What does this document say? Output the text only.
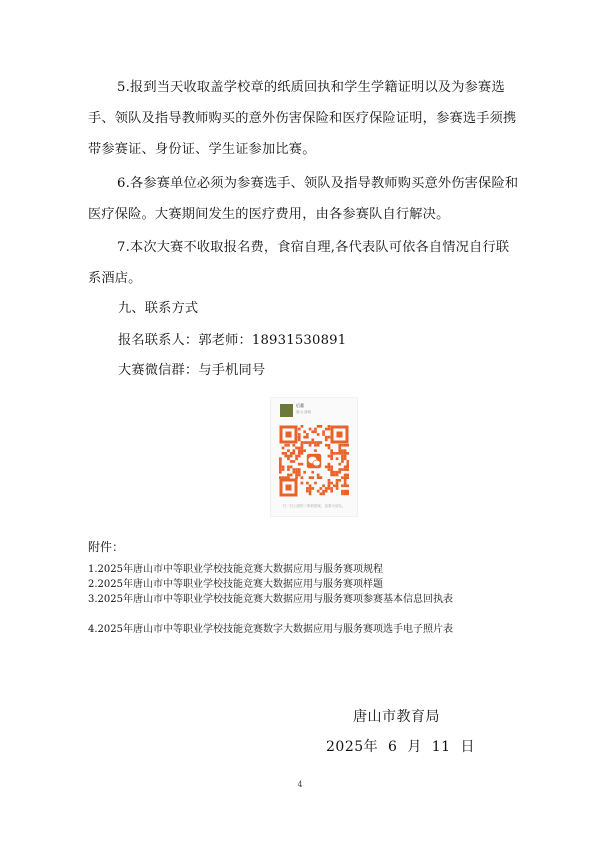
5.报到当天收取盖学校章的纸质回执和学生学籍证明以及为参赛选手、领队及指导教师购买的意外伤害保险和医疗保险证明，参赛选手须携带参赛证、身份证、学生证参加比赛。

6.各参赛单位必须为参赛选手、领队及指导教师购买意外伤害保险和医疗保险。大赛期间发生的医疗费用，由各参赛队自行解决。

7.本次大赛不收取报名费，食宿自理,各代表队可依各自情况自行联系酒店。

九、联系方式

报名联系人：郭老师：18931530891

大赛微信群：与手机同号

后董
唐山·滦南
扫一扫上面的二维码图案，加我为朋友。

附件：

1.2025年唐山市中等职业学校技能竞赛大数据应用与服务赛项规程

2.2025年唐山市中等职业学校技能竞赛大数据应用与服务赛项样题

3.2025年唐山市中等职业学校技能竞赛大数据应用与服务赛项参赛基本信息回执表

4.2025年唐山市中等职业学校技能竞赛数字大数据应用与服务赛项选手电子照片表

唐山市教育局

2025年  6  月  11  日

4
